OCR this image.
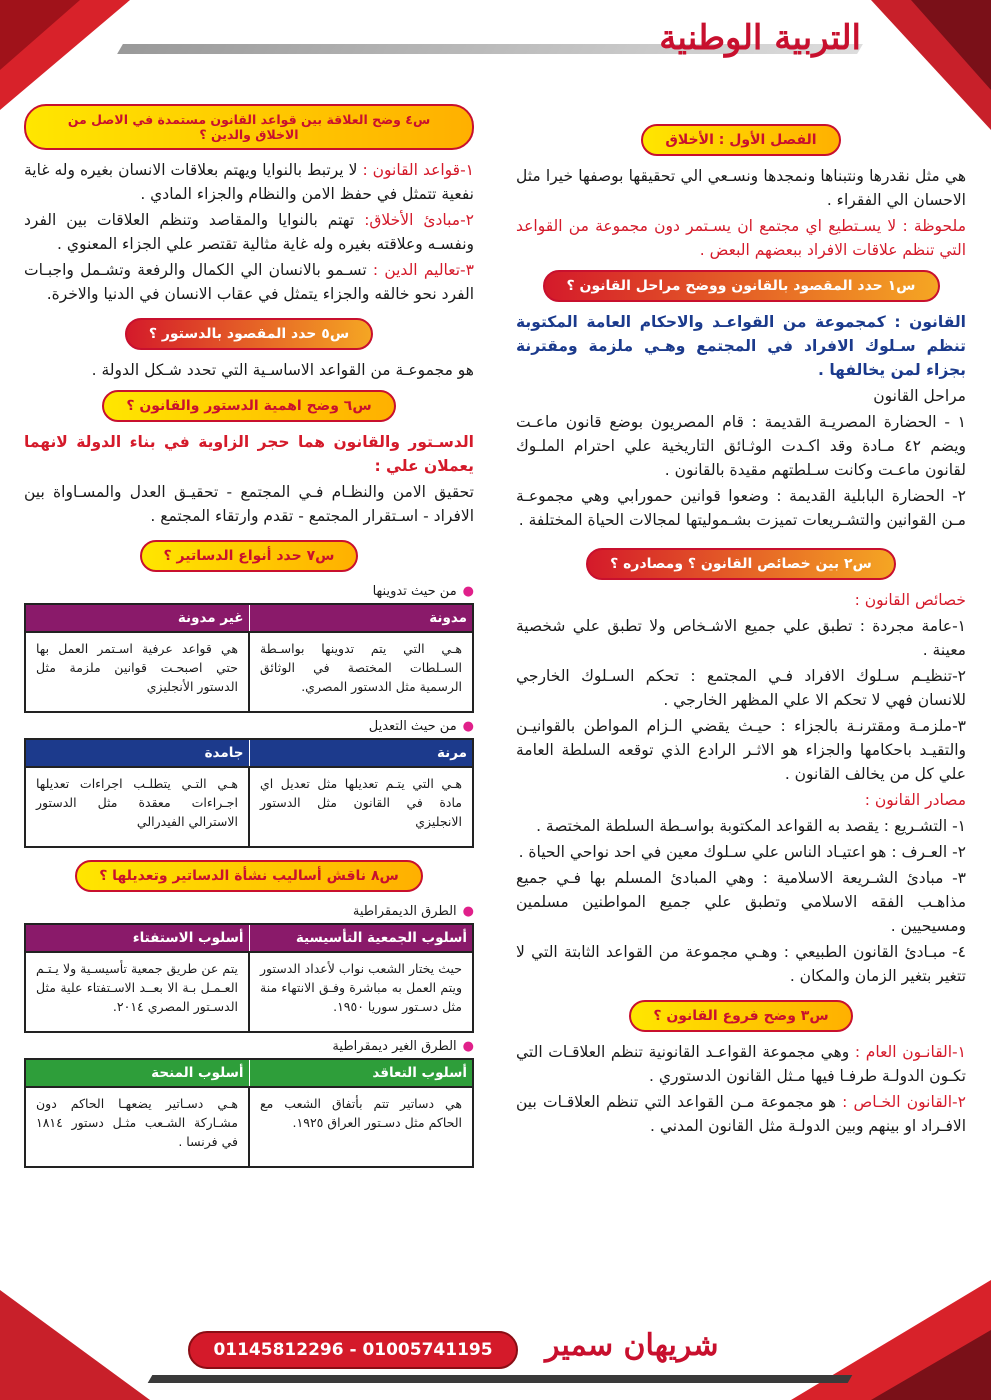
التربية الوطنية
الفصل الأول : الأخلاق

هي مثل نقدرها ونتبناها ونمجدها ونسـعي الي تحقيقها بوصفها خيرا مثل الاحسان الي الفقراء .

ملحوظة : لا يسـتطيع اي مجتمع ان يسـتمر دون مجموعة من القواعد التي تنظم علاقات الافراد ببعضهم البعض .

س١ حدد المقصود بالقانون ووضح مراحل القانون ؟

القانون : كمجموعة من القواعـد والاحكام العامة المكتوبة تنظم سـلوك الافراد في المجتمع وهـي ملزمة ومقترنة بجزاء لمن يخالفها .

مراحل القانون

١ - الحضارة المصريـة القديمة : قام المصريون بوضع قانون ماعـت ويضم ٤٢ مـادة وقد اكـدت الوثـائق التاريخية علي احترام الملـوك لقانون ماعـت وكانت سـلطتهم مقيدة بالقانون .

٢- الحضارة البابلية القديمة : وضعوا قوانين حمورابي وهي مجموعـة مـن القوانين والتشـريعات تميزت بشـموليتها لمجالات الحياة المختلفة .

س٢ بين خصائص القانون ؟ ومصادره ؟

خصائص القانون :

١-عامة مجردة : تطبق علي جميع الاشـخاص ولا تطبق علي شخصية معينة .

٢-تنظيـم سـلوك الافراد فـي المجتمع : تحكم السـلوك الخارجي للانسان فهي لا تحكم الا علي المظهر الخارجي .

٣-ملزمـة ومقترنـة بالجزاء : حيـث يقضي الـزام المواطن بالقوانيـن والتقيـد باحكامها والجزاء هو الاثـر الرادع الذي توقعه السلطة العامة علي كل من يخالف القانون .

مصادر القانون :

١- التشـريع : يقصد به القواعد المكتوبة بواسـطة السلطة المختصة .

٢- العـرف : هو اعتيـاد الناس علي سـلوك معين في احد نواحي الحياة .

٣- مبادئ الشـريعة الاسلامية : وهي المبادئ المسلم بها فـي جميع مذاهـب الفقه الاسلامي وتطبق علي جميع المواطنين مسلمين ومسيحيين .

٤- مبـادئ القانون الطبيعي : وهـي مجموعة من القواعد الثابتة التي لا تتغير بتغير الزمان والمكان .

س٣ وضح فروع القانون ؟

١-القانـون العام : وهي مجموعة القواعـد القانونية تنظم العلاقـات التي تكـون الدولـة طرفـا فيها مـثل القانون الدستوري .

٢-القانون الخـاص : هو مجموعة مـن القواعد التي تنظم العلاقـات بين الافـراد او بينهم وبين الدولـة مثل القانون المدني .

س٤ وضح العلاقة بين قواعد القانون مستمدة في الاصل من الاخلاق والدين ؟

١-قواعد القانون : لا يرتبط بالنوايا ويهتم بعلاقات الانسان بغيره وله غاية نفعية تتمثل في حفظ الامن والنظام والجزاء المادي .

٢-مبادئ الأخلاق: تهتم بالنوايا والمقاصد وتنظم العلاقات بين الفرد ونفسـه وعلاقته بغيره وله غاية مثالية تقتصر علي الجزاء المعنوي .

٣-تعاليم الدين : تسـمو بالانسان الي الكمال والرفعة وتشـمل واجبـات الفرد نحو خالقه والجزاء يتمثل في عقاب الانسان في الدنيا والاخرة.

س٥ حدد المقصود بالدستور ؟

هو مجموعـة من القواعد الاساسـية التي تحدد شـكل الدولة .

س٦ وضح اهمية الدستور والقانون ؟

الدسـتور والقانون هما حجر الزاوية في بناء الدولة لانهما يعملان علي :

تحقيق الامن والنظـام فـي المجتمع - تحقيـق العدل والمسـاواة بين الافراد - اسـتقرار المجتمع - تقدم وارتقاء المجتمع .

س٧ حدد أنواع الدساتير ؟
● من حيث تدوينها
مدونة	غير مدونة
هـي التي يتم تدوينها بواسـطة السـلطات المختصة في الوثائق الرسمية مثل الدستور المصري.	هي قواعد عرفية اسـتمر العمل بها حتي اصبحـت قوانين ملزمة مثل الدستور الأنجليزي
● من حيث التعديل
مرنة	جامدة
هـي التي يتـم تعديلها مثل تعديل اي مادة في القانون مثل الدستور الانجليزي	هـي التـي يتطلـب اجراءات تعديلها اجـراءات معقدة مثل الدستور الاسترالي الفيدرالي
س٨ ناقش أساليب نشأة الدساتير وتعديلها ؟
● الطرق الديمقراطية
أسلوب الجمعية التأسيسية	أسلوب الاستفتاء
حيث يختار الشعب نواب لأعداد الدستور ويتم العمل به مباشرة وفـق الانتهاء منة مثل دسـتور سوريا ١٩٥٠.	يتم عن طريق جمعية تأسيسـية ولا يـتـم العـمـل بـة الا بعــد الاسـتفتاء علية مثل الدسـتور المصري ٢٠١٤.
● الطرق الغير ديمقراطية
أسلوب التعاقد	أسلوب المنحة
هي دساتير تتم بأتفاق الشعب مع الحاكم مثل دسـتور العراق ١٩٢٥.	هـي دسـاتير يضعهـا الحاكم دون مشـاركة الشـعب مثـل دستور ١٨١٤ في فرنسا .
شريهان سمير
01145812296 - 01005741195
